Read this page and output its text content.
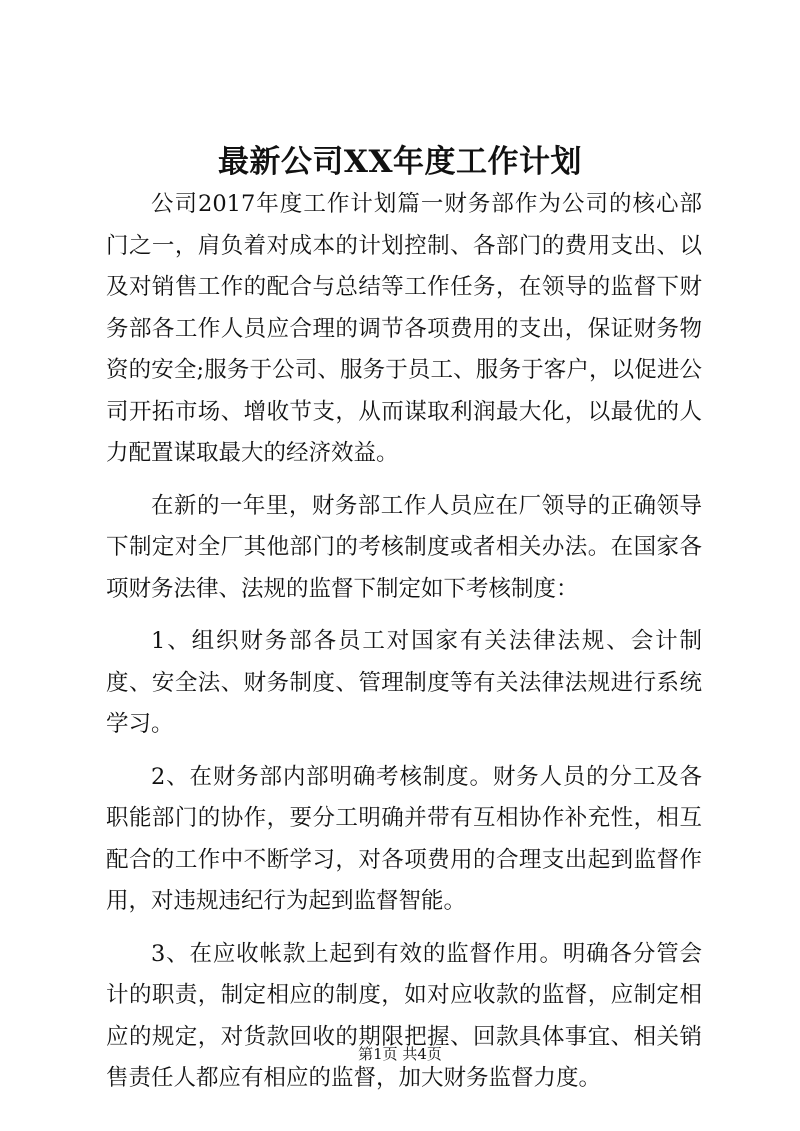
最新公司XX年度工作计划

公司2017年度工作计划篇一财务部作为公司的核心部门之一，肩负着对成本的计划控制、各部门的费用支出、以及对销售工作的配合与总结等工作任务，在领导的监督下财务部各工作人员应合理的调节各项费用的支出，保证财务物资的安全;服务于公司、服务于员工、服务于客户，以促进公司开拓市场、增收节支，从而谋取利润最大化，以最优的人力配置谋取最大的经济效益。

在新的一年里，财务部工作人员应在厂领导的正确领导下制定对全厂其他部门的考核制度或者相关办法。在国家各项财务法律、法规的监督下制定如下考核制度：

1、组织财务部各员工对国家有关法律法规、会计制度、安全法、财务制度、管理制度等有关法律法规进行系统学习。

2、在财务部内部明确考核制度。财务人员的分工及各职能部门的协作，要分工明确并带有互相协作补充性，相互配合的工作中不断学习，对各项费用的合理支出起到监督作用，对违规违纪行为起到监督智能。

3、在应收帐款上起到有效的监督作用。明确各分管会计的职责，制定相应的制度，如对应收款的监督，应制定相应的规定，对货款回收的期限把握、回款具体事宜、相关销售责任人都应有相应的监督，加大财务监督力度。

第1页 共4页
